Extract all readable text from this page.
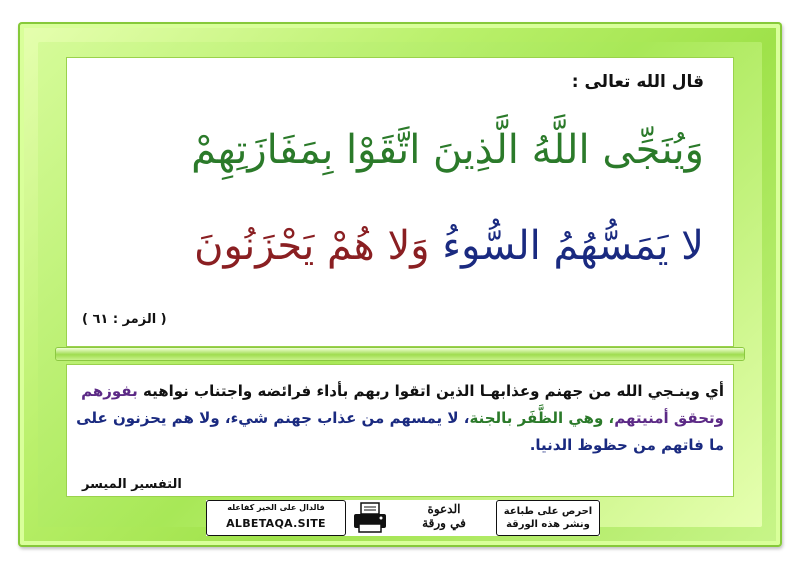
قال الله تعالى :
وَيُنَجِّى اللَّهُ الَّذِينَ اتَّقَوْا بِمَفَازَتِهِمْ
لا يَمَسُّهُمُ السُّوءُ وَلا هُمْ يَحْزَنُونَ
( الزمر : ٦١ )
أي وينـجي الله من جهنم وعذابهـا الذين اتقوا ربهم بأداء فرائضه واجتناب نواهيه بفوزهم وتحقق أمنيتهم، وهي الظَّفَر بالجنة، لا يمسهم من عذاب جهنم شيء، ولا هم يحزنون على ما فاتهم من حظوظ الدنيا.
التفسير الميسر
فالدال على الخير كفاعله
ALBETAQA.SITE
الدعوة
في ورقة
احرص على طباعة ونشر هذه الورقة
